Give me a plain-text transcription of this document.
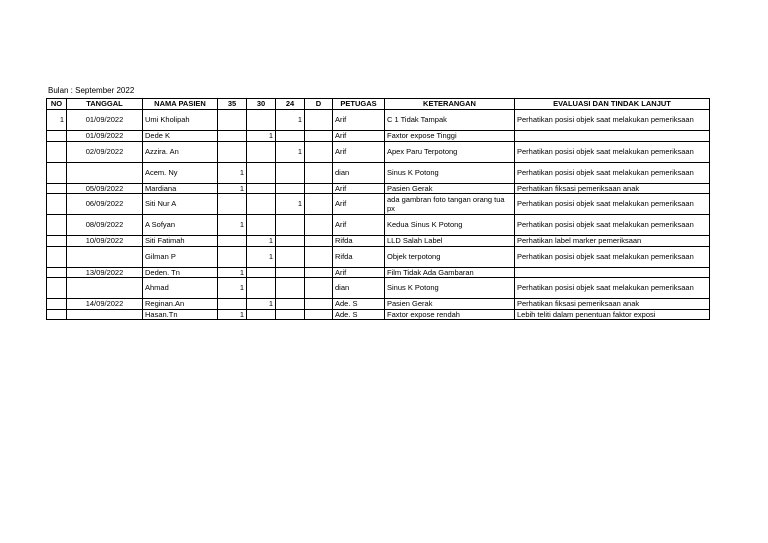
Bulan : September 2022
NO	TANGGAL	NAMA PASIEN	35	30	24	D	PETUGAS	KETERANGAN	EVALUASI DAN TINDAK LANJUT
1	01/09/2022	Umi Kholipah			1		Arif	C 1 Tidak Tampak	Perhatikan posisi objek saat melakukan pemeriksaan
	01/09/2022	Dede K		1			Arif	Faxtor expose Tinggi	
	02/09/2022	Azzira. An			1		Arif	Apex Paru Terpotong	Perhatikan posisi objek saat melakukan pemeriksaan
		Acem. Ny	1				dian	Sinus K Potong	Perhatikan posisi objek saat melakukan pemeriksaan
	05/09/2022	Mardiana	1				Arif	Pasien Gerak	Perhatikan fiksasi pemeriksaan anak
	06/09/2022	Siti Nur A			1		Arif	ada gambran foto tangan orang tua px	Perhatikan posisi objek saat melakukan pemeriksaan
	08/09/2022	A Sofyan	1				Arif	Kedua Sinus K Potong	Perhatikan posisi objek saat melakukan pemeriksaan
	10/09/2022	Siti Fatimah		1			Rifda	LLD Salah Label	Perhatikan label marker pemeriksaan
		Gilman P		1			Rifda	Objek terpotong	Perhatikan posisi objek saat melakukan pemeriksaan
	13/09/2022	Deden. Tn	1				Arif	Film Tidak Ada Gambaran	
		Ahmad	1				dian	Sinus K Potong	Perhatikan posisi objek saat melakukan pemeriksaan
	14/09/2022	Reginan.An		1			Ade. S	Pasien Gerak	Perhatikan fiksasi pemeriksaan anak
		Hasan.Tn	1				Ade. S	Faxtor expose rendah	Lebih teliti dalam penentuan faktor exposi
